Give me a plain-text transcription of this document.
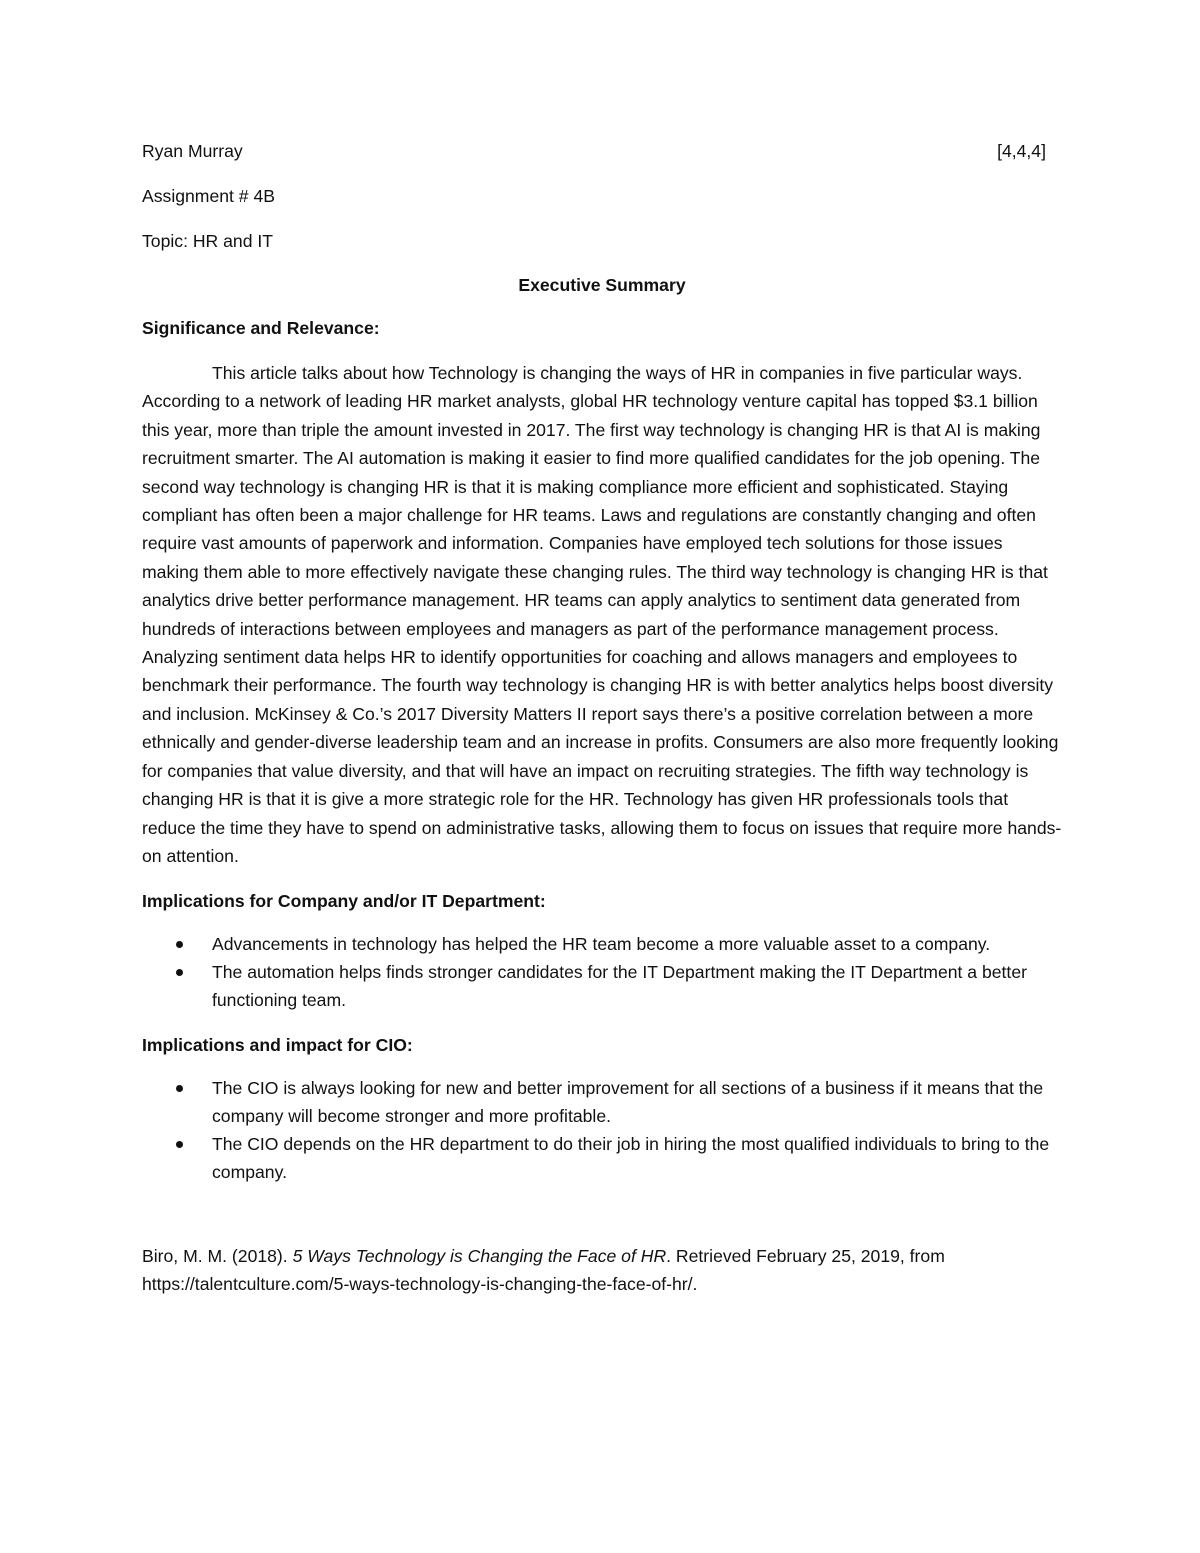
Ryan Murray	[4,4,4]
Assignment # 4B
Topic: HR and IT
Executive Summary
Significance and Relevance:

This article talks about how Technology is changing the ways of HR in companies in five particular ways. According to a network of leading HR market analysts, global HR technology venture capital has topped $3.1 billion this year, more than triple the amount invested in 2017. The first way technology is changing HR is that AI is making recruitment smarter. The AI automation is making it easier to find more qualified candidates for the job opening. The second way technology is changing HR is that it is making compliance more efficient and sophisticated. Staying compliant has often been a major challenge for HR teams. Laws and regulations are constantly changing and often require vast amounts of paperwork and information. Companies have employed tech solutions for those issues making them able to more effectively navigate these changing rules. The third way technology is changing HR is that analytics drive better performance management. HR teams can apply analytics to sentiment data generated from hundreds of interactions between employees and managers as part of the performance management process. Analyzing sentiment data helps HR to identify opportunities for coaching and allows managers and employees to benchmark their performance. The fourth way technology is changing HR is with better analytics helps boost diversity and inclusion. McKinsey & Co.’s 2017 Diversity Matters II report says there’s a positive correlation between a more ethnically and gender-diverse leadership team and an increase in profits. Consumers are also more frequently looking for companies that value diversity, and that will have an impact on recruiting strategies. The fifth way technology is changing HR is that it is give a more strategic role for the HR. Technology has given HR professionals tools that reduce the time they have to spend on administrative tasks, allowing them to focus on issues that require more hands-on attention.

Implications for Company and/or IT Department:
Advancements in technology has helped the HR team become a more valuable asset to a company.
The automation helps finds stronger candidates for the IT Department making the IT Department a better functioning team.
Implications and impact for CIO:
The CIO is always looking for new and better improvement for all sections of a business if it means that the company will become stronger and more profitable.
The CIO depends on the HR department to do their job in hiring the most qualified individuals to bring to the company.
Biro, M. M. (2018). 5 Ways Technology is Changing the Face of HR. Retrieved February 25, 2019, from https://talentculture.com/5-ways-technology-is-changing-the-face-of-hr/.
